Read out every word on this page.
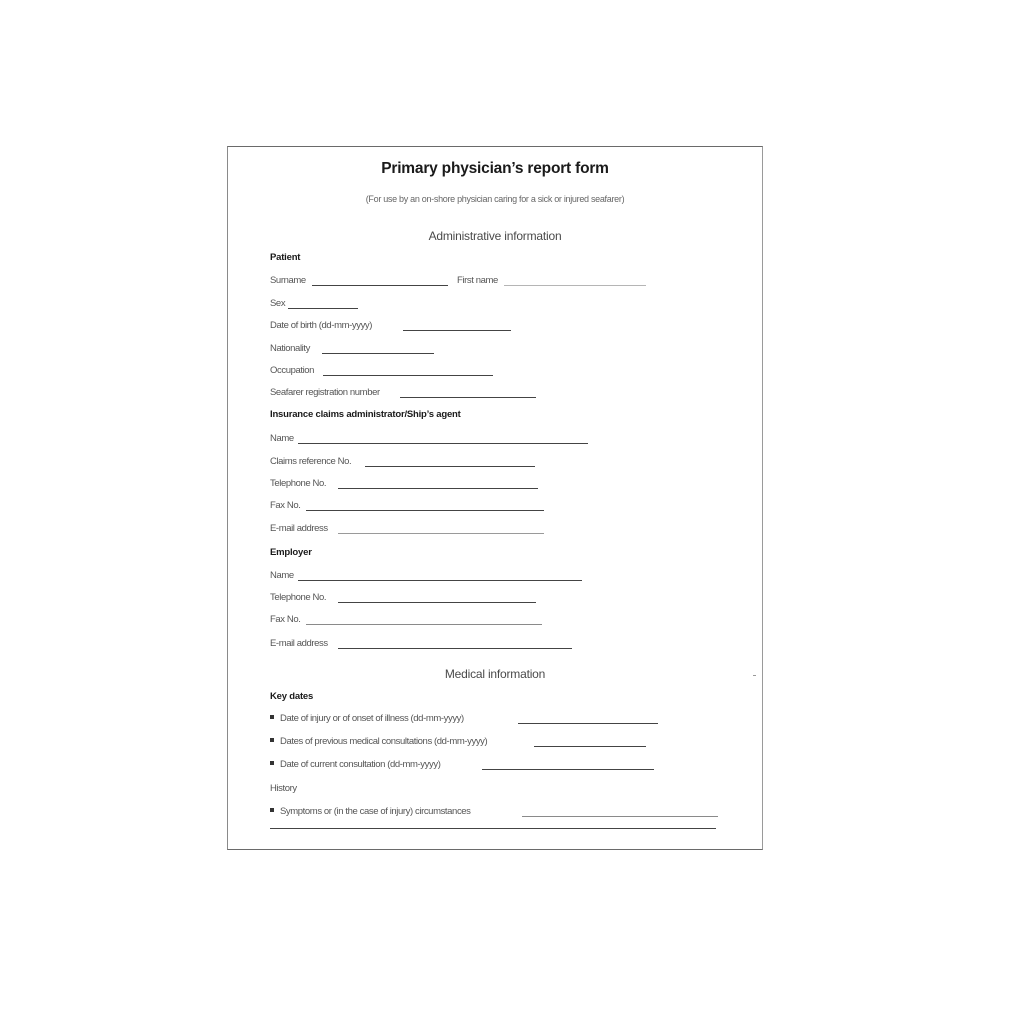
Primary physician’s report form
(For use by an on-shore physician caring for a sick or injured seafarer)
Administrative information
Patient
Surname	First name
Sex
Date of birth (dd-mm-yyyy)
Nationality
Occupation
Seafarer registration number
Insurance claims administrator/Ship’s agent
Name
Claims reference No.
Telephone No.
Fax No.
E-mail address
Employer
Name
Telephone No.
Fax No.
E-mail address
Medical information
Key dates
Date of injury or of onset of illness (dd-mm-yyyy)
Dates of previous medical consultations (dd-mm-yyyy)
Date of current consultation (dd-mm-yyyy)
History
Symptoms or (in the case of injury) circumstances
